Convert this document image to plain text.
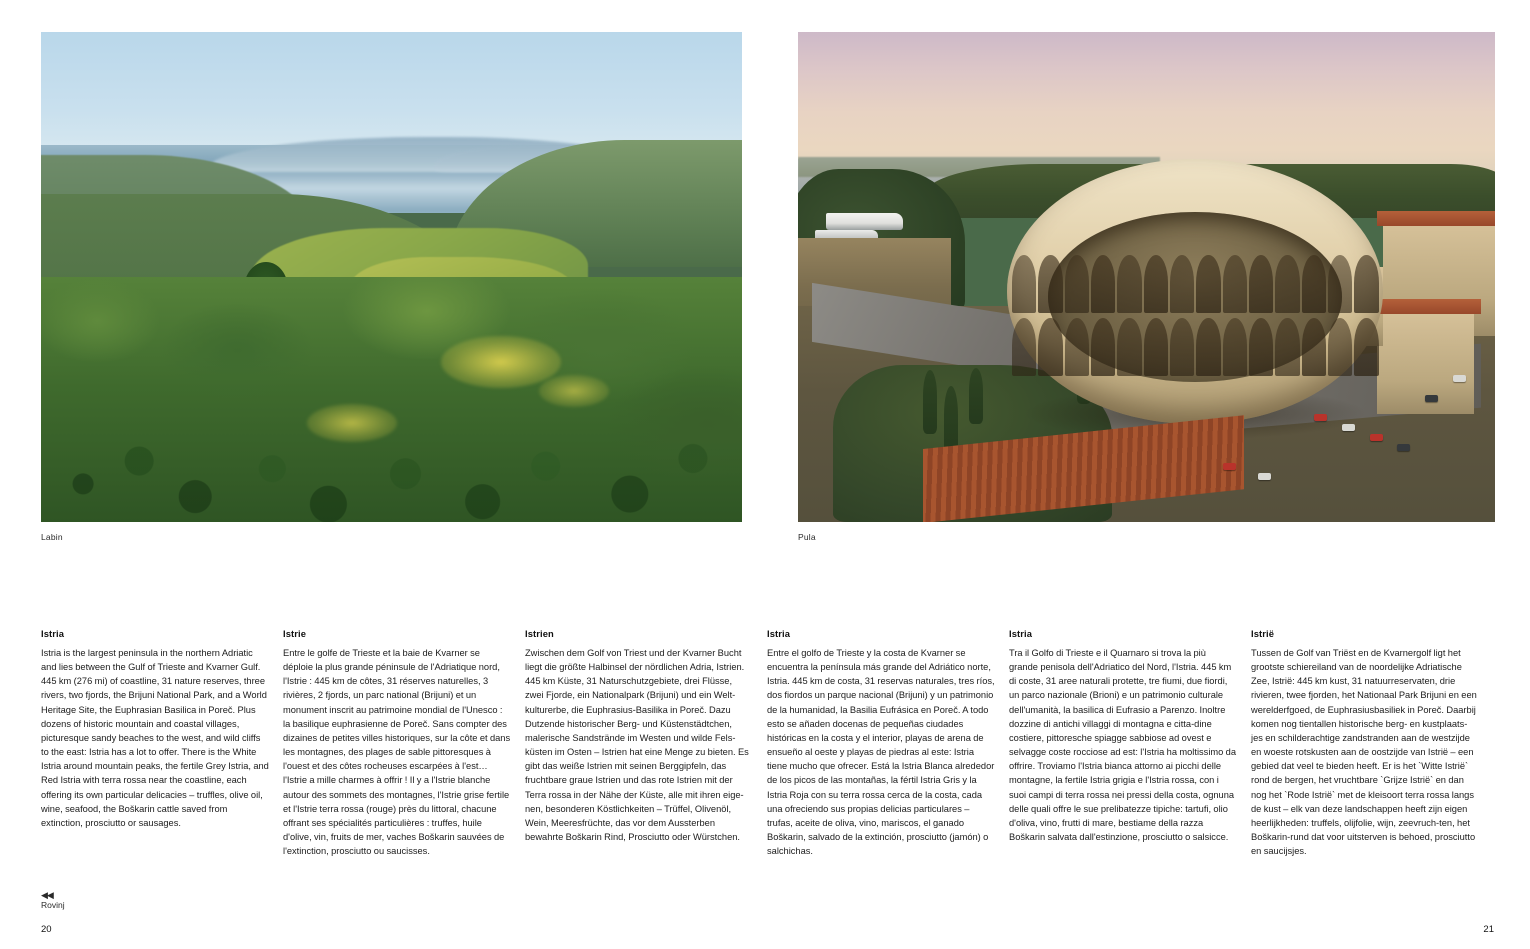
Labin	Pula
Istria

Istria is the largest peninsula in the northern Adriatic and lies between the Gulf of Trieste and Kvarner Gulf. 445 km (276 mi) of coastline, 31 nature reserves, three rivers, two fjords, the Brijuni National Park, and a World Heritage Site, the Euphrasian Basilica in Poreč. Plus dozens of historic mountain and coastal villages, picturesque sandy beaches to the west, and wild cliffs to the east: Istria has a lot to offer. There is the White Istria around mountain peaks, the fertile Grey Istria, and Red Istria with terra rossa near the coastline, each offering its own particular delicacies – truffles, olive oil, wine, seafood, the Boškarin cattle saved from extinction, prosciutto or sausages.

Istrie

Entre le golfe de Trieste et la baie de Kvarner se déploie la plus grande péninsule de l'Adriatique nord, l'Istrie : 445 km de côtes, 31 réserves naturelles, 3 rivières, 2 fjords, un parc national (Brijuni) et un monument inscrit au patrimoine mondial de l'Unesco : la basilique euphrasienne de Poreč. Sans compter des dizaines de petites villes historiques, sur la côte et dans les montagnes, des plages de sable pittoresques à l'ouest et des côtes rocheuses escarpées à l'est… l'Istrie a mille charmes à offrir ! Il y a l'Istrie blanche autour des sommets des montagnes, l'Istrie grise fertile et l'Istrie terra rossa (rouge) près du littoral, chacune offrant ses spécialités particulières : truffes, huile d'olive, vin, fruits de mer, vaches Boškarin sauvées de l'extinction, prosciutto ou saucisses.

Istrien

Zwischen dem Golf von Triest und der Kvarner Bucht liegt die größte Halbinsel der nördlichen Adria, Istrien. 445 km Küste, 31 Naturschutzgebiete, drei Flüsse, zwei Fjorde, ein Nationalpark (Brijuni) und ein Welt-kulturerbe, die Euphrasius-Basilika in Poreč. Dazu Dutzende historischer Berg- und Küstenstädtchen, malerische Sandstrände im Westen und wilde Fels-küsten im Osten – Istrien hat eine Menge zu bieten. Es gibt das weiße Istrien mit seinen Berggipfeln, das fruchtbare graue Istrien und das rote Istrien mit der Terra rossa in der Nähe der Küste, alle mit ihren eige-nen, besonderen Köstlichkeiten – Trüffel, Olivenöl, Wein, Meeresfrüchte, das vor dem Aussterben bewahrte Boškarin Rind, Prosciutto oder Würstchen.

Istria

Entre el golfo de Trieste y la costa de Kvarner se encuentra la península más grande del Adriático norte, Istria. 445 km de costa, 31 reservas naturales, tres ríos, dos fiordos un parque nacional (Brijuni) y un patrimonio de la humanidad, la Basilia Eufrásica en Poreč. A todo esto se añaden docenas de pequeñas ciudades históricas en la costa y el interior, playas de arena de ensueño al oeste y playas de piedras al este: Istria tiene mucho que ofrecer. Está la Istria Blanca alrededor de los picos de las montañas, la fértil Istria Gris y la Istria Roja con su terra rossa cerca de la costa, cada una ofreciendo sus propias delicias particulares – trufas, aceite de oliva, vino, mariscos, el ganado Boškarin, salvado de la extinción, prosciutto (jamón) o salchichas.

Istria

Tra il Golfo di Trieste e il Quarnaro si trova la più grande penisola dell'Adriatico del Nord, l'Istria. 445 km di coste, 31 aree naturali protette, tre fiumi, due fiordi, un parco nazionale (Brioni) e un patrimonio culturale dell'umanità, la basilica di Eufrasio a Parenzo. Inoltre dozzine di antichi villaggi di montagna e citta-dine costiere, pittoresche spiagge sabbiose ad ovest e selvagge coste rocciose ad est: l'Istria ha moltissimo da offrire. Troviamo l'Istria bianca attorno ai picchi delle montagne, la fertile Istria grigia e l'Istria rossa, con i suoi campi di terra rossa nei pressi della costa, ognuna delle quali offre le sue prelibatezze tipiche: tartufi, olio d'oliva, vino, frutti di mare, bestiame della razza Boškarin salvata dall'estinzione, prosciutto o salsicce.

Istrië

Tussen de Golf van Triëst en de Kvarnergolf ligt het grootste schiereiland van de noordelijke Adriatische Zee, Istrië: 445 km kust, 31 natuurreservaten, drie rivieren, twee fjorden, het Nationaal Park Brijuni en een werelderfgoed, de Euphrasiusbasiliek in Poreč. Daarbij komen nog tientallen historische berg- en kustplaats-jes en schilderachtige zandstranden aan de westzijde en woeste rotskusten aan de oostzijde van Istrië – een gebied dat veel te bieden heeft. Er is het `Witte Istrië` rond de bergen, het vruchtbare `Grijze Istrië` en dan nog het `Rode Istrië` met de kleisoort terra rossa langs de kust – elk van deze landschappen heeft zijn eigen heerlijkheden: truffels, olijfolie, wijn, zeevruch-ten, het Boškarin-rund dat voor uitsterven is behoed, prosciutto en saucijsjes.

◀◀
Rovinj
20	21
